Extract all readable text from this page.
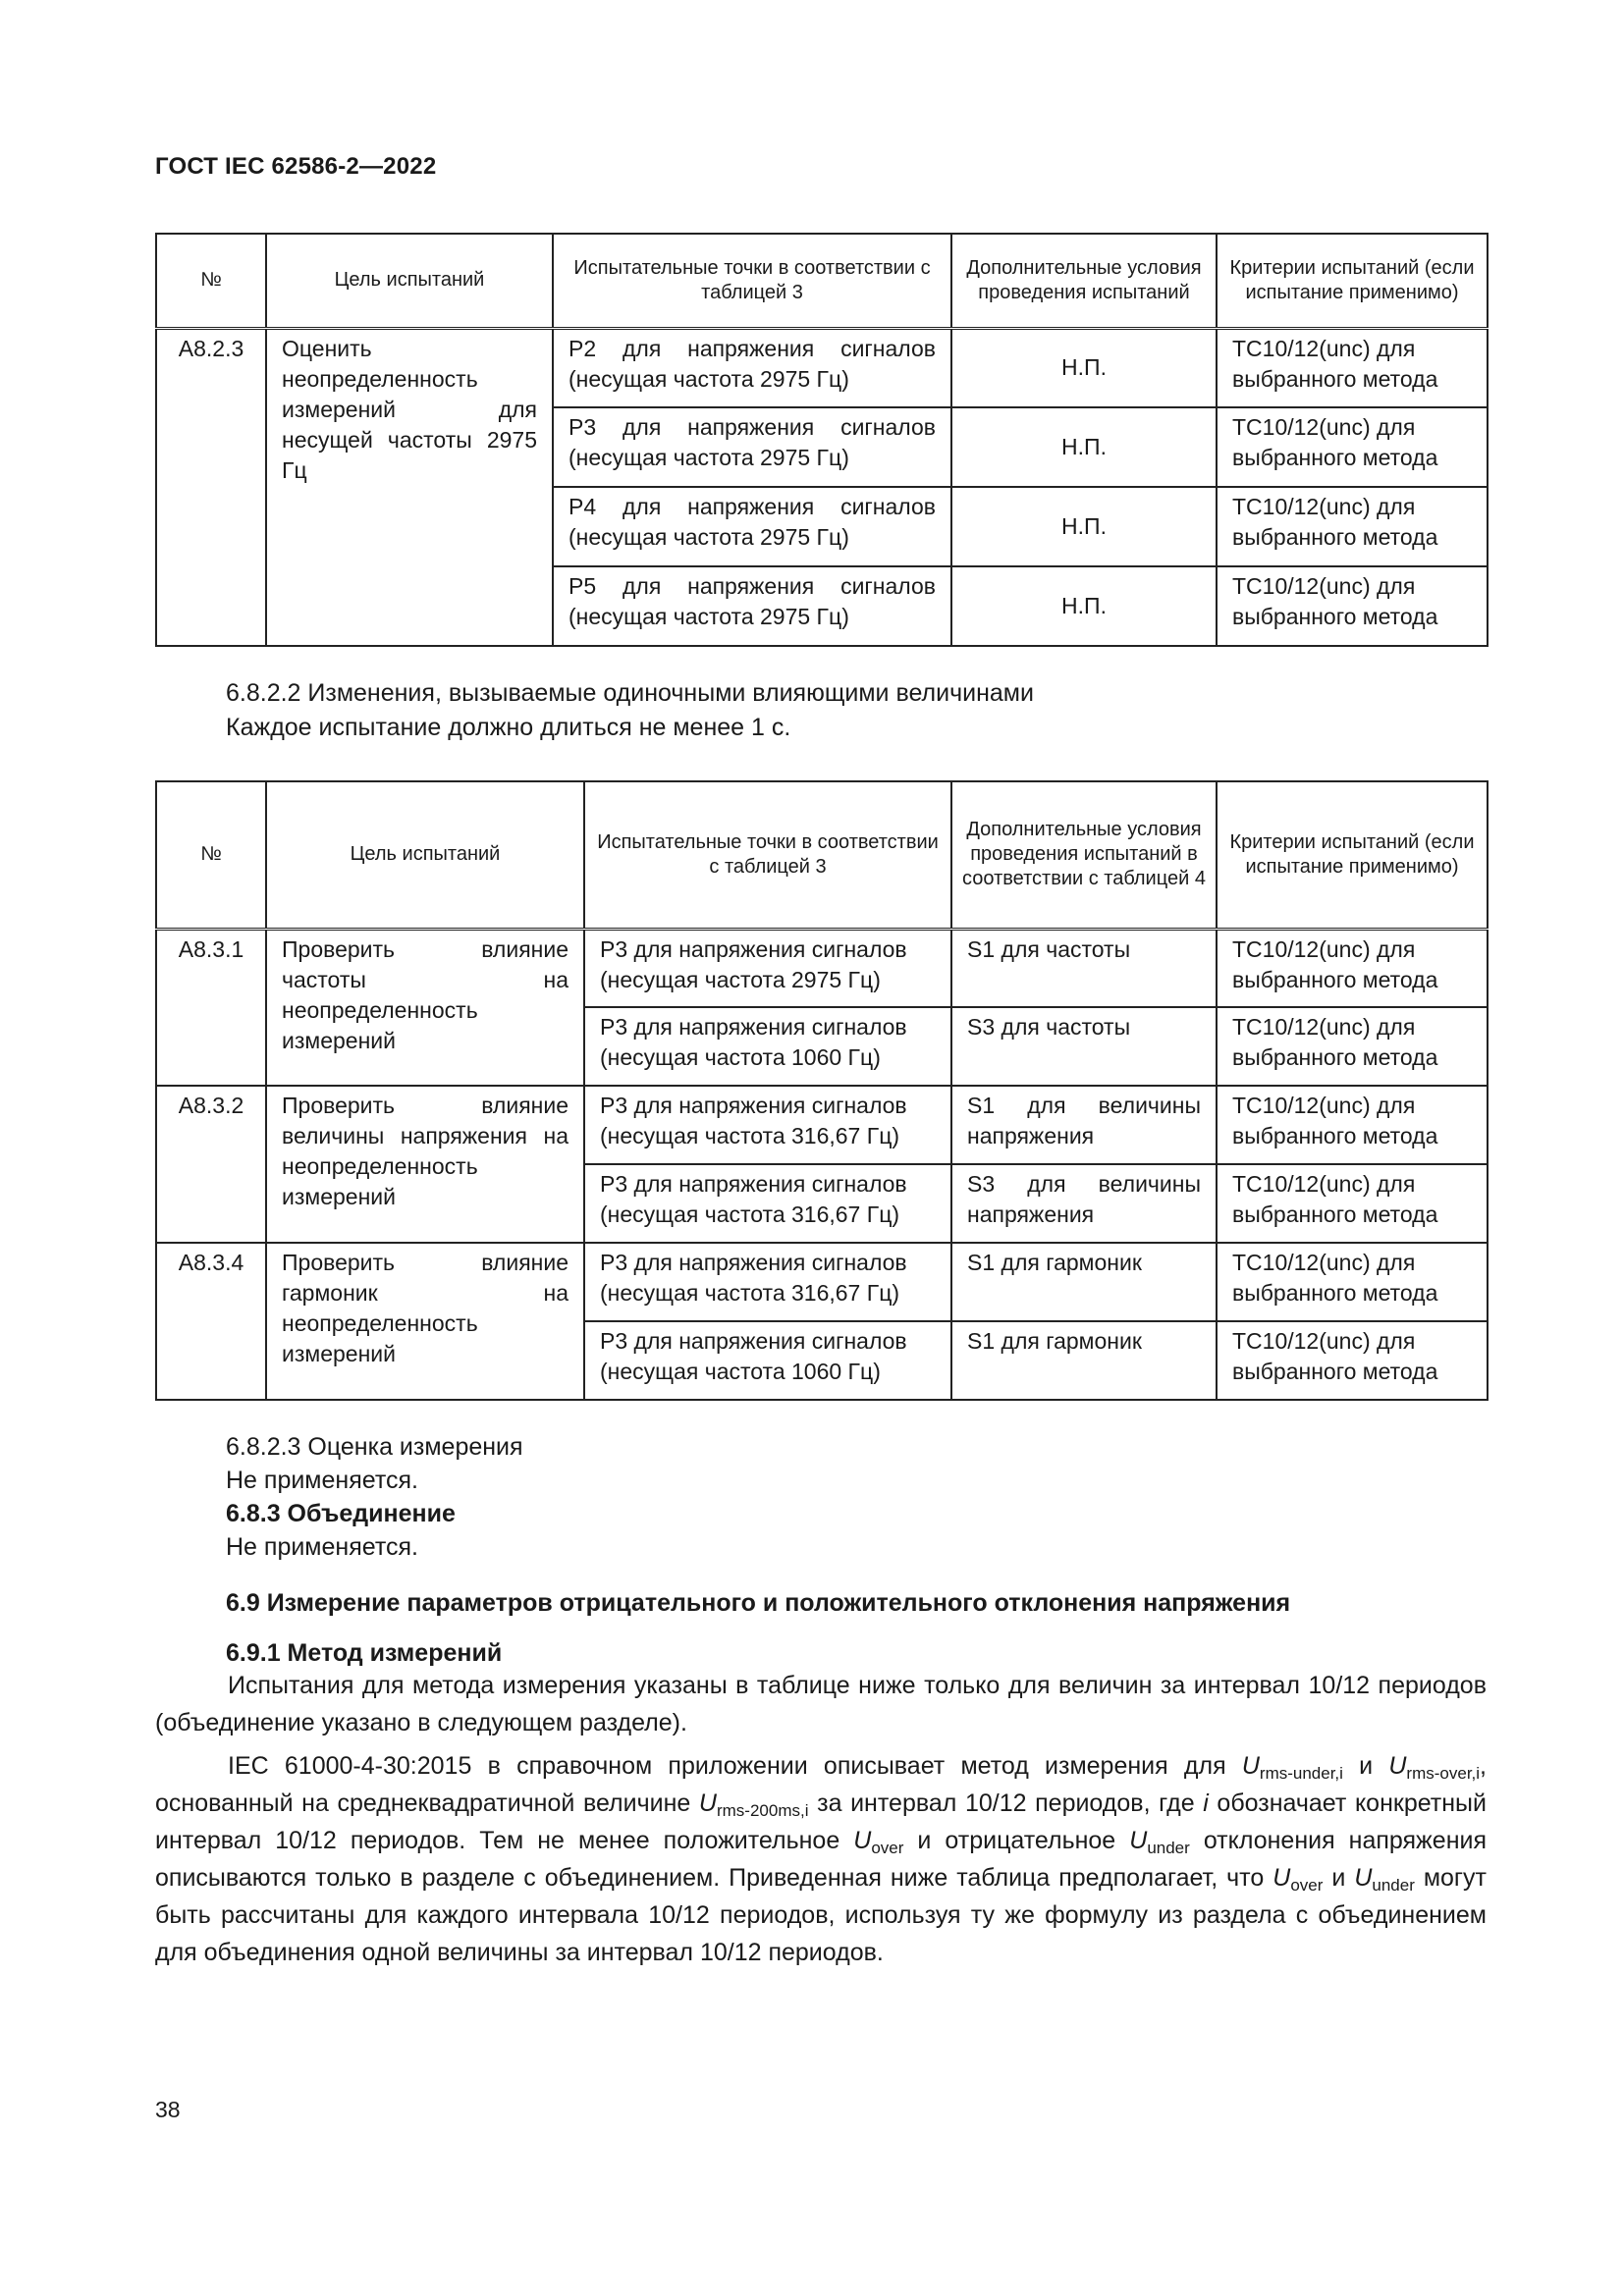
ГОСТ IEC 62586-2—2022
№	Цель испытаний	Испытательные точки в соответствии с таблицей 3	Дополнительные условия проведения испытаний	Критерии испытаний (если испытание применимо)
A8.2.3	Оценить неопределенность измерений для несущей частоты 2975 Гц	P2 для напряжения сигналов (несущая частота 2975 Гц)	Н.П.	TC10/12(unc) для выбранного метода
		P3 для напряжения сигналов (несущая частота 2975 Гц)	Н.П.	TC10/12(unc) для выбранного метода
		P4 для напряжения сигналов (несущая частота 2975 Гц)	Н.П.	TC10/12(unc) для выбранного метода
		P5 для напряжения сигналов (несущая частота 2975 Гц)	Н.П.	TC10/12(unc) для выбранного метода
6.8.2.2 Изменения, вызываемые одиночными влияющими величинами
Каждое испытание должно длиться не менее 1 с.
№	Цель испытаний	Испытательные точки в соответствии с таблицей 3	Дополнительные условия проведения испытаний в соответствии с таблицей 4	Критерии испытаний (если испытание применимо)
A8.3.1	Проверить влияние частоты на неопределенность измерений	P3 для напряжения сигналов (несущая частота 2975 Гц)	S1 для частоты	TC10/12(unc) для выбранного метода
		P3 для напряжения сигналов (несущая частота 1060 Гц)	S3 для частоты	TC10/12(unc) для выбранного метода
A8.3.2	Проверить влияние величины напряжения на неопределенность измерений	P3 для напряжения сигналов (несущая частота 316,67 Гц)	S1 для величины напряжения	TC10/12(unc) для выбранного метода
		P3 для напряжения сигналов (несущая частота 316,67 Гц)	S3 для величины напряжения	TC10/12(unc) для выбранного метода
A8.3.4	Проверить влияние гармоник на неопределенность измерений	P3 для напряжения сигналов (несущая частота 316,67 Гц)	S1 для гармоник	TC10/12(unc) для выбранного метода
		P3 для напряжения сигналов (несущая частота 1060 Гц)	S1 для гармоник	TC10/12(unc) для выбранного метода
6.8.2.3 Оценка измерения
Не применяется.
6.8.3 Объединение
Не применяется.
6.9 Измерение параметров отрицательного и положительного отклонения напряжения
6.9.1 Метод измерений

Испытания для метода измерения указаны в таблице ниже только для величин за интервал 10/12 периодов (объединение указано в следующем разделе).

IEC 61000-4-30:2015 в справочном приложении описывает метод измерения для $U_{rms-under,i}$ и $U_{rms-over,i}$, основанный на среднеквадратичной величине $U_{rms-200ms,i}$ за интервал 10/12 периодов, где i обозначает конкретный интервал 10/12 периодов. Тем не менее положительное $U_{over}$ и отрицательное $U_{under}$ отклонения напряжения описываются только в разделе с объединением. Приведенная ниже таблица предполагает, что $U_{over}$ и $U_{under}$ могут быть рассчитаны для каждого интервала 10/12 периодов, используя ту же формулу из раздела с объединением для объединения одной величины за интервал 10/12 периодов.

38
